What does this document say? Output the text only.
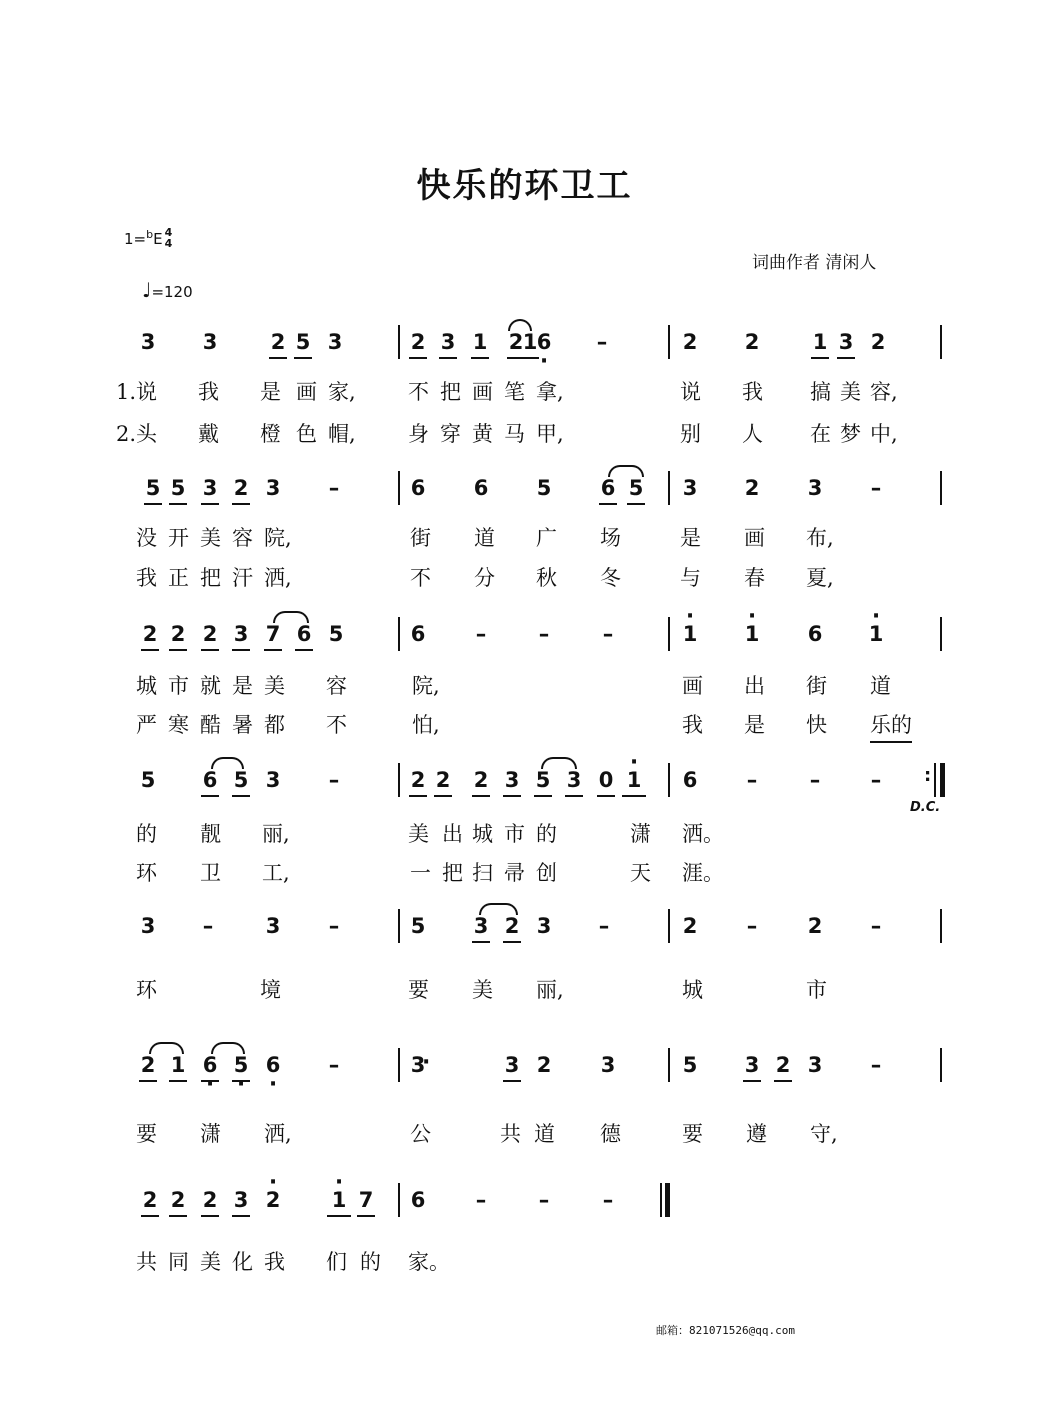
快乐的环卫工
1=$^b$E 4
4
♩=120
词曲作者 清闲人
D.C.
邮箱：821071526@qq.com
3 3	2 5 3	2 3 1 2 1 · 6	–	2 2	1 3 2
1.说 我 是 画 家, 不 把 画 笔 拿,	说 我 搞 美 容,
2.头 戴 橙 色 帽, 身 穿 黄 马 甲,	别 人 在 梦 中,
5 5 3 2 3	–	6 6 5 6 5 3 2 3	–
没 开 美 容 院,	街 道 广 场	是 画 布,
我 正 把 汗 洒,	不 分 秋 冬	与 春 夏,
2 2 2 3 7 6 5	6	–	–	–	1 · 1 · 6 1 ·
城 市 就 是 美 容	院,	画 出 街 道
严 寒 酷 暑 都 不	怕,	我 是 快 乐的
5 6 5 3	–	2 2 2 3 5 3 0 1 · 6	–	–	–
的 靓 丽,	美 出 城 市 的	潇 洒。
环 卫 工,	一 把 扫 帚 创	天 涯。
3	–	3	–	5 3 2 3	–	2	–	2	–
环	境	要 美 丽,	城	市
2 1 · 6 · 5 · 6	–	· 3	3 2 3	5 3 2 3	–
要 潇 洒,	公	共 道 德	要 遵 守,
2 2 2 3 2 · 1 · 7 6	–	–	–
共 同 美 化 我 们 的 家。
:
